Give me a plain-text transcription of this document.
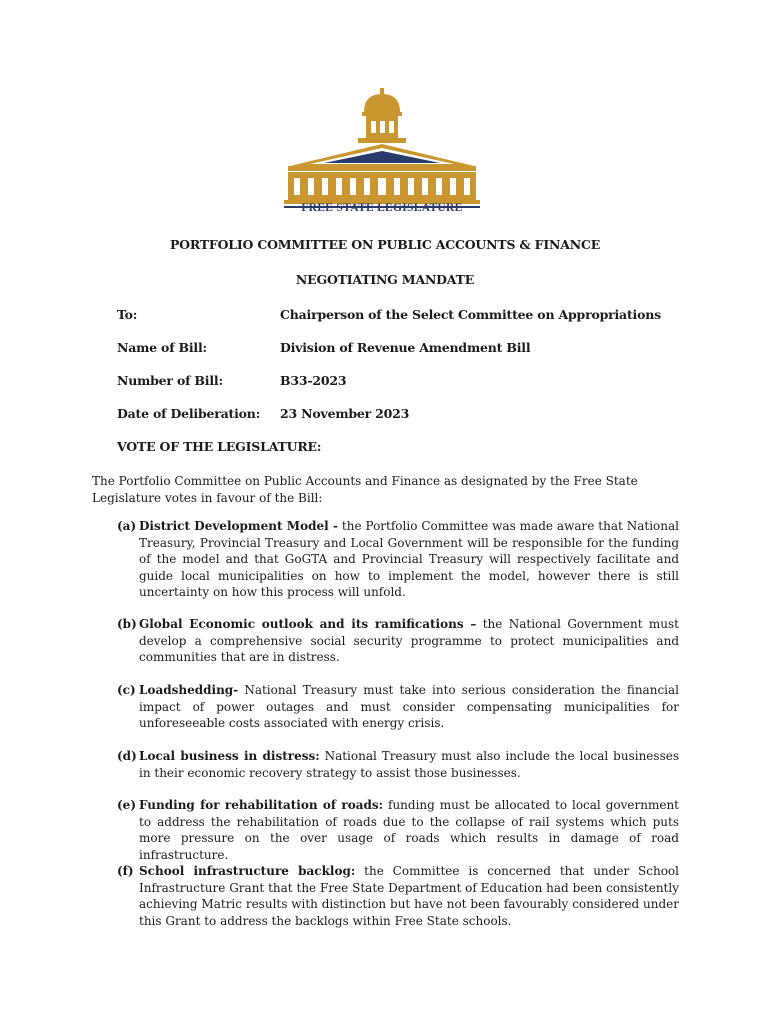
FREE STATE LEGISLATURE
PORTFOLIO COMMITTEE ON PUBLIC ACCOUNTS & FINANCE
NEGOTIATING MANDATE
To:	Chairperson of the Select Committee on Appropriations
Name of Bill:	Division of Revenue Amendment Bill
Number of Bill:	B33-2023
Date of Deliberation: 23 November 2023
VOTE OF THE LEGISLATURE:
The Portfolio Committee on Public Accounts and Finance as designated by the Free State Legislature votes in favour of the Bill:
(a) District Development Model - the Portfolio Committee was made aware that National Treasury, Provincial Treasury and Local Government will be responsible for the funding of the model and that GoGTA and Provincial Treasury will respectively facilitate and guide local municipalities on how to implement the model, however there is still uncertainty on how this process will unfold.
(b) Global Economic outlook and its ramifications – the National Government must develop a comprehensive social security programme to protect municipalities and communities that are in distress.
(c) Loadshedding- National Treasury must take into serious consideration the financial impact of power outages and must consider compensating municipalities for unforeseeable costs associated with energy crisis.
(d) Local business in distress: National Treasury must also include the local businesses in their economic recovery strategy to assist those businesses.
(e) Funding for rehabilitation of roads: funding must be allocated to local government to address the rehabilitation of roads due to the collapse of rail systems which puts more pressure on the over usage of roads which results in damage of road infrastructure.
(f) School infrastructure backlog: the Committee is concerned that under School Infrastructure Grant that the Free State Department of Education had been consistently achieving Matric results with distinction but have not been favourably considered under this Grant to address the backlogs within Free State schools.
